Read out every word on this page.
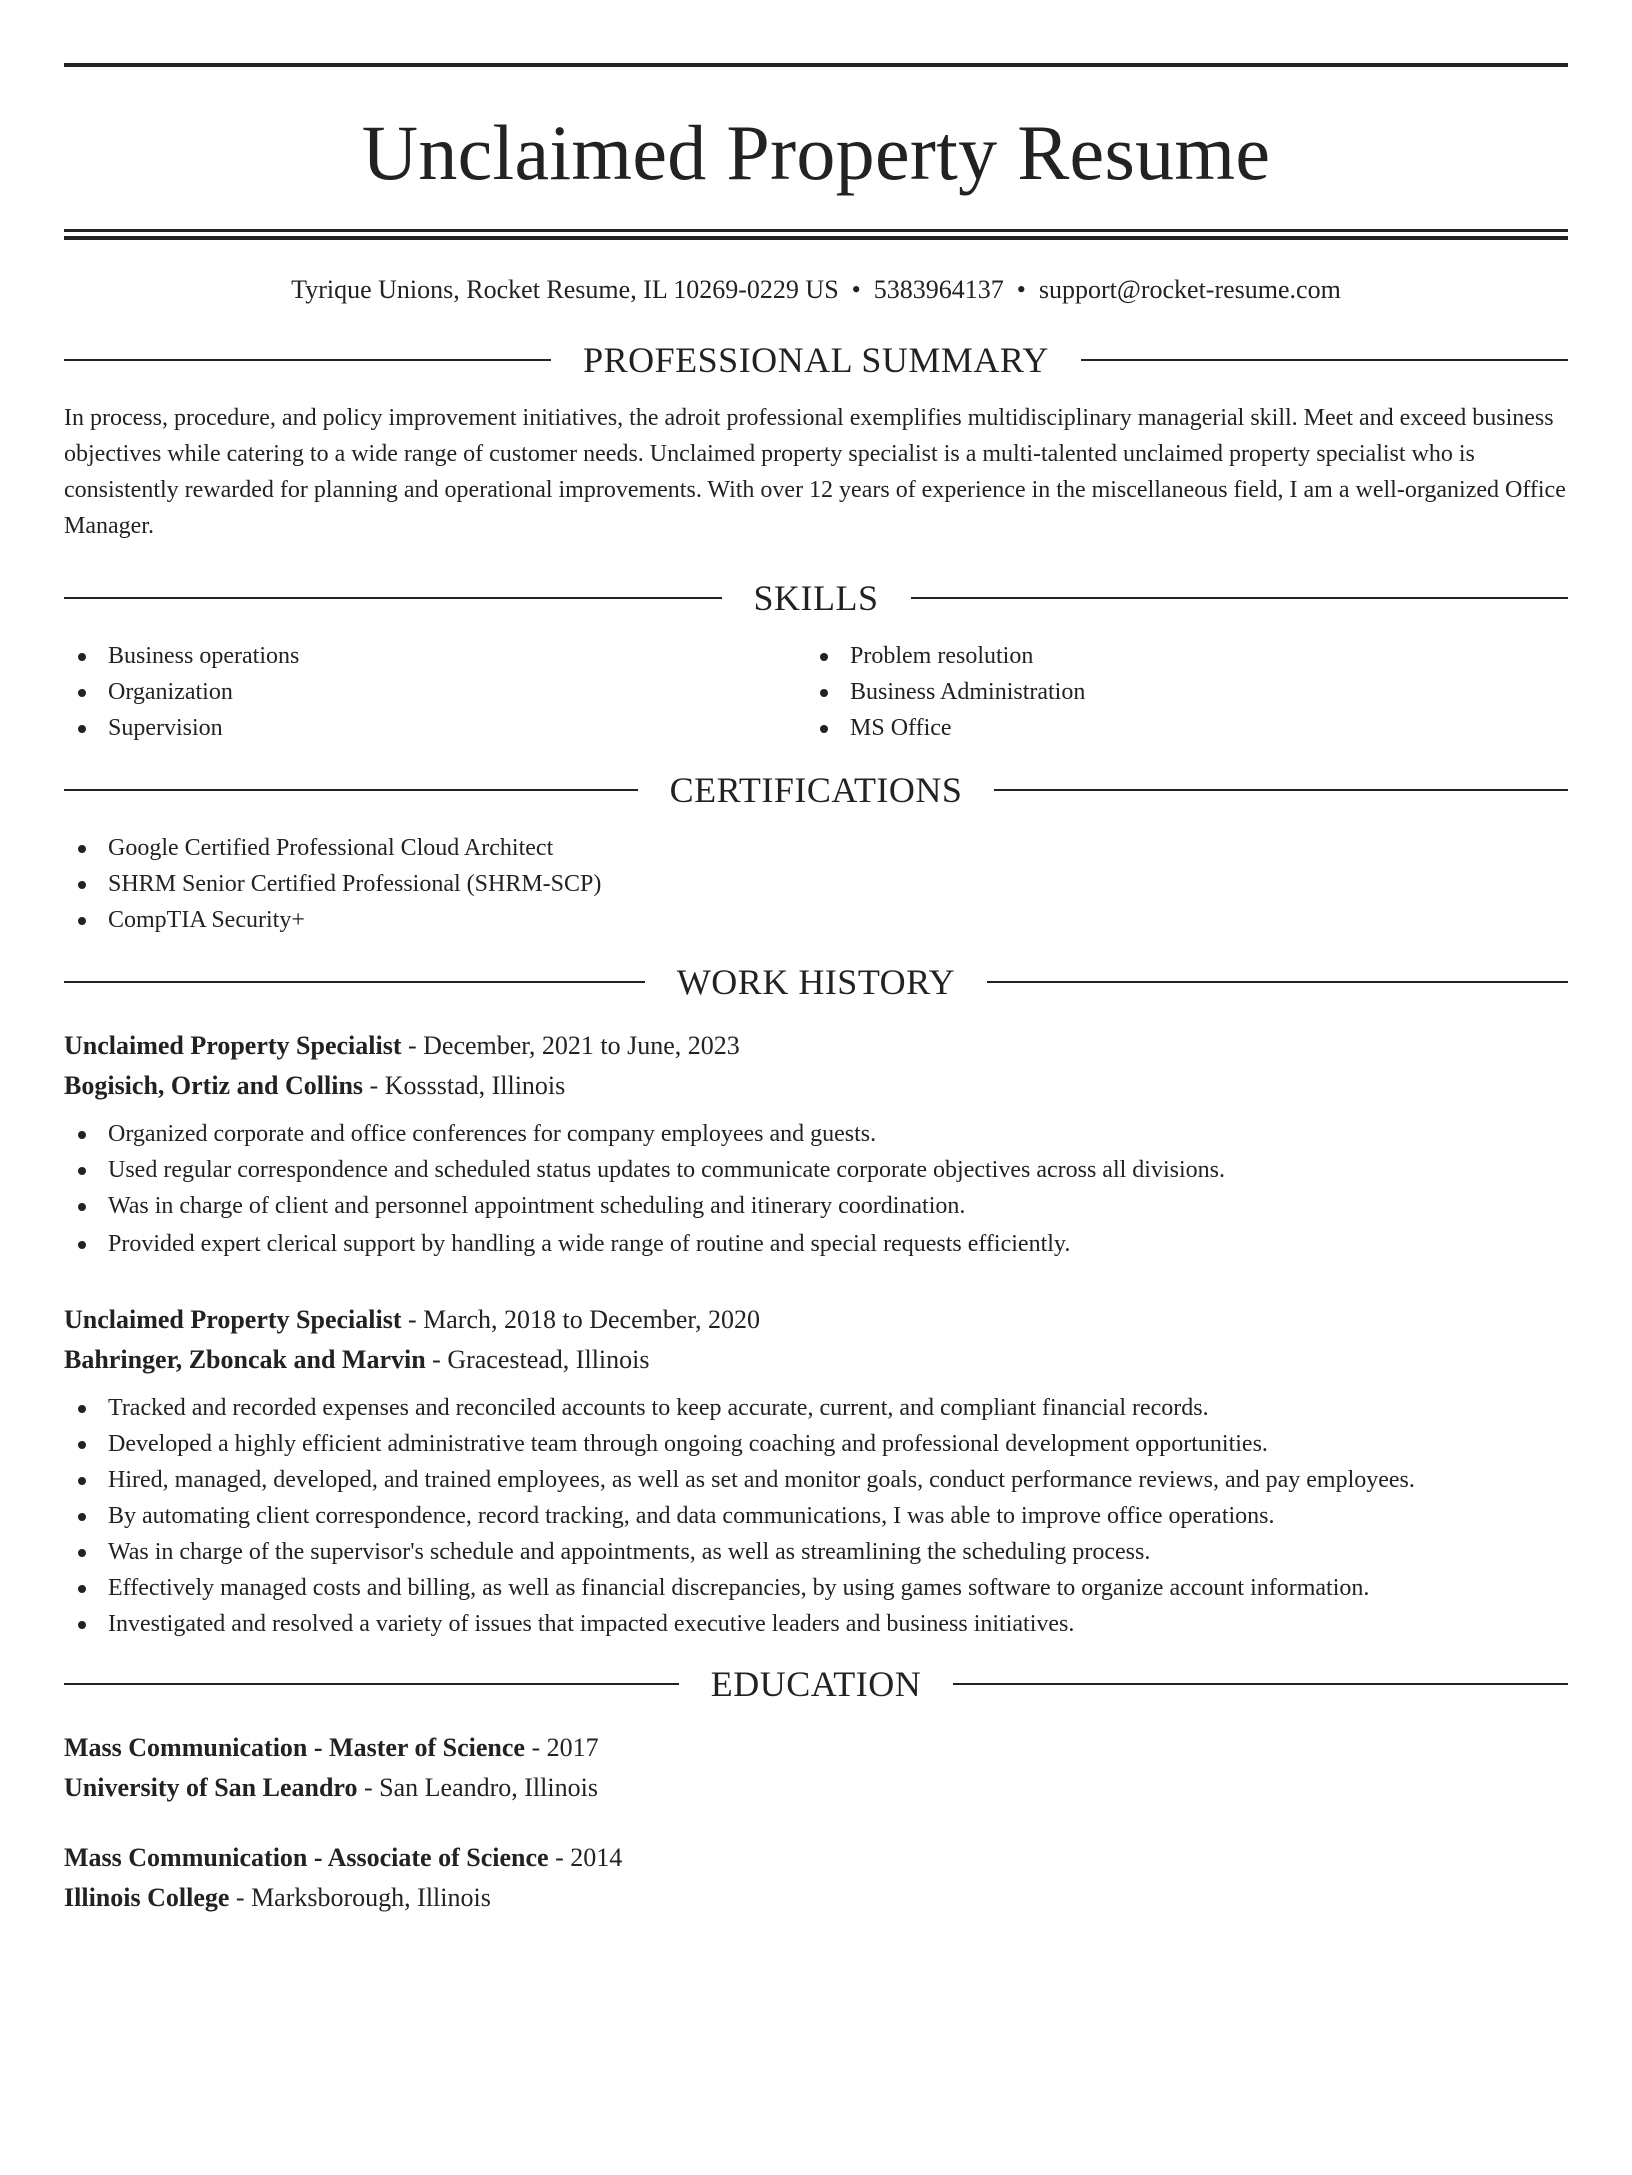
Unclaimed Property Resume
Tyrique Unions, Rocket Resume, IL 10269-0229 US • 5383964137 • support@rocket-resume.com
PROFESSIONAL SUMMARY

In process, procedure, and policy improvement initiatives, the adroit professional exemplifies multidisciplinary managerial skill. Meet and exceed business objectives while catering to a wide range of customer needs. Unclaimed property specialist is a multi-talented unclaimed property specialist who is consistently rewarded for planning and operational improvements. With over 12 years of experience in the miscellaneous field, I am a well-organized Office Manager.

SKILLS
Business operations
Organization
Supervision
Problem resolution
Business Administration
MS Office
CERTIFICATIONS
Google Certified Professional Cloud Architect
SHRM Senior Certified Professional (SHRM-SCP)
CompTIA Security+
WORK HISTORY
Unclaimed Property Specialist - December, 2021 to June, 2023
Bogisich, Ortiz and Collins - Kossstad, Illinois
Organized corporate and office conferences for company employees and guests.
Used regular correspondence and scheduled status updates to communicate corporate objectives across all divisions.
Was in charge of client and personnel appointment scheduling and itinerary coordination.
Provided expert clerical support by handling a wide range of routine and special requests efficiently.
Unclaimed Property Specialist - March, 2018 to December, 2020
Bahringer, Zboncak and Marvin - Gracestead, Illinois
Tracked and recorded expenses and reconciled accounts to keep accurate, current, and compliant financial records.
Developed a highly efficient administrative team through ongoing coaching and professional development opportunities.
Hired, managed, developed, and trained employees, as well as set and monitor goals, conduct performance reviews, and pay employees.
By automating client correspondence, record tracking, and data communications, I was able to improve office operations.
Was in charge of the supervisor's schedule and appointments, as well as streamlining the scheduling process.
Effectively managed costs and billing, as well as financial discrepancies, by using games software to organize account information.
Investigated and resolved a variety of issues that impacted executive leaders and business initiatives.
EDUCATION
Mass Communication - Master of Science - 2017
University of San Leandro - San Leandro, Illinois
Mass Communication - Associate of Science - 2014
Illinois College - Marksborough, Illinois
